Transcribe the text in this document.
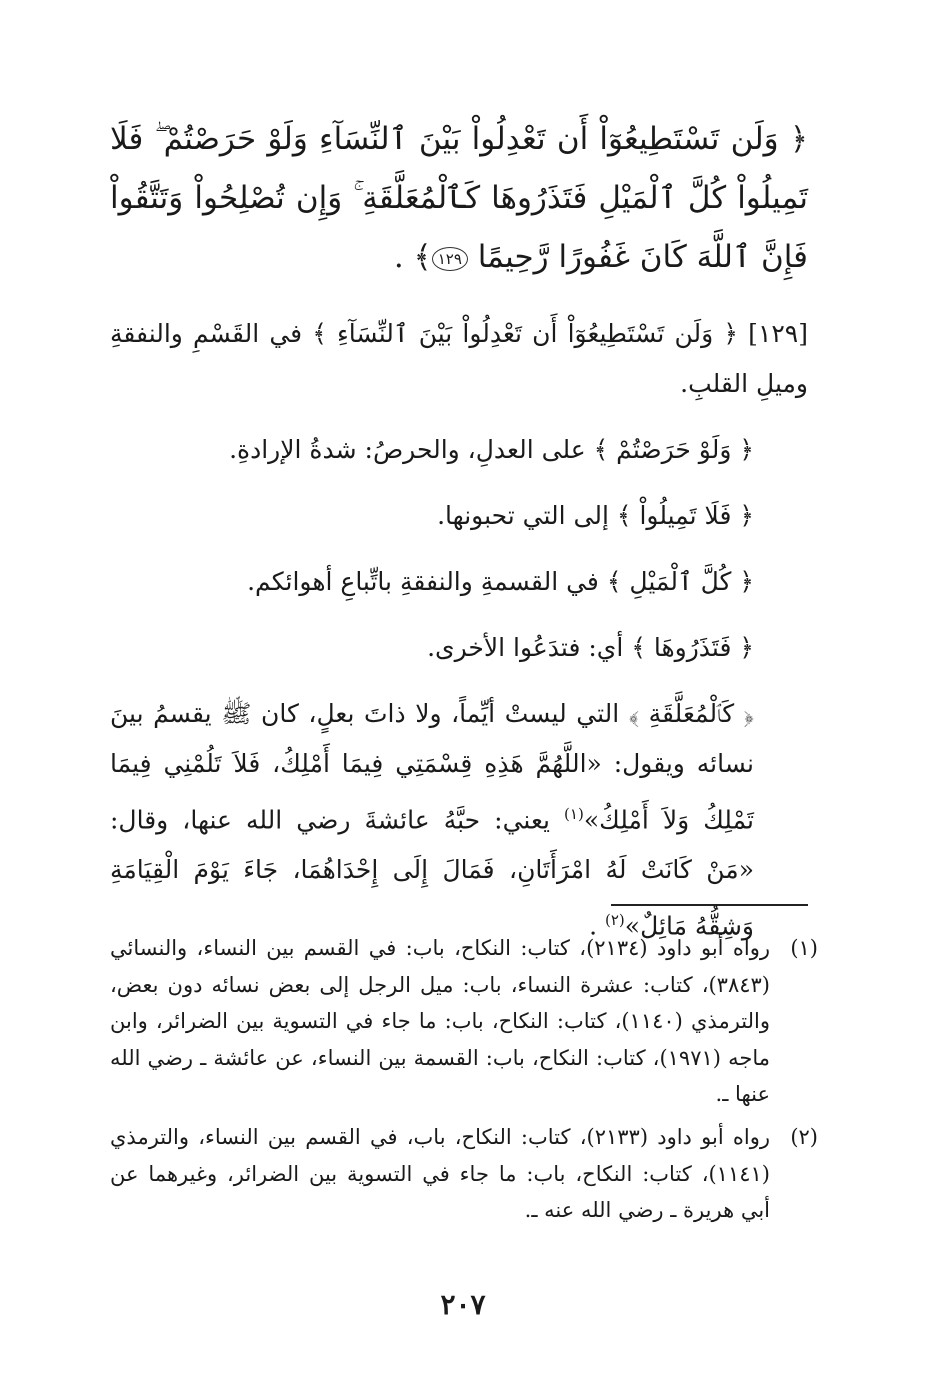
﴿ وَلَن تَسْتَطِيعُوٓاْ أَن تَعْدِلُواْ بَيْنَ ٱلنِّسَآءِ وَلَوْ حَرَصْتُمْ ۖ فَلَا تَمِيلُواْ كُلَّ ٱلْمَيْلِ فَتَذَرُوهَا كَٱلْمُعَلَّقَةِ ۚ وَإِن تُصْلِحُواْ وَتَتَّقُواْ فَإِنَّ ٱللَّهَ كَانَ غَفُورًا رَّحِيمًا ١٢٩﴾ .

[١٢٩] ﴿ وَلَن تَسْتَطِيعُوٓاْ أَن تَعْدِلُواْ بَيْنَ ٱلنِّسَآءِ ﴾ في القَسْمِ والنفقةِ وميلِ القلبِ.

﴿ وَلَوْ حَرَصْتُمْ ﴾ على العدلِ، والحرصُ: شدةُ الإرادةِ.

﴿ فَلَا تَمِيلُواْ ﴾ إلى التي تحبونها.

﴿ كُلَّ ٱلْمَيْلِ ﴾ في القسمةِ والنفقةِ باتِّباعِ أهوائكم.

﴿ فَتَذَرُوهَا ﴾ أي: فتدَعُوا الأخرى.

﴿ كَٱلْمُعَلَّقَةِ ﴾ التي ليستْ أيِّماً، ولا ذاتَ بعلٍ، كان ﷺ يقسمُ بينَ نسائه ويقول: «اللَّهُمَّ هَذِهِ قِسْمَتِي فِيمَا أَمْلِكُ، فَلاَ تَلُمْنِي فِيمَا تَمْلِكُ وَلاَ أَمْلِكُ»$^{(١)}$ يعني: حبَّهُ عائشةَ رضي الله عنها، وقال: «مَنْ كَانَتْ لَهُ امْرَأَتَانِ، فَمَالَ إِلَى إِحْدَاهُمَا، جَاءَ يَوْمَ الْقِيَامَةِ وَشِقُّهُ مَائِلٌ»$^{(٢)}$ .

(١)
رواه أبو داود (٢١٣٤)، كتاب: النكاح، باب: في القسم بين النساء، والنسائي (٣٨٤٣)، كتاب: عشرة النساء، باب: ميل الرجل إلى بعض نسائه دون بعض، والترمذي (١١٤٠)، كتاب: النكاح، باب: ما جاء في التسوية بين الضرائر، وابن ماجه (١٩٧١)، كتاب: النكاح، باب: القسمة بين النساء، عن عائشة ـ رضي الله عنها ـ.
(٢)
رواه أبو داود (٢١٣٣)، كتاب: النكاح، باب، في القسم بين النساء، والترمذي (١١٤١)، كتاب: النكاح، باب: ما جاء في التسوية بين الضرائر، وغيرهما عن أبي هريرة ـ رضي الله عنه ـ.
٢٠٧
